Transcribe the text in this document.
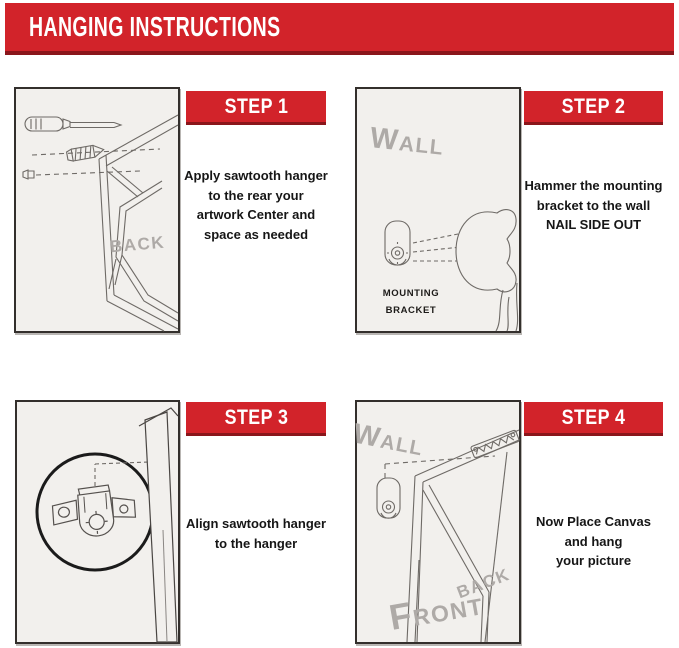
HANGING INSTRUCTIONS
BACK
WALL
MOUNTING
BRACKET
WALL
FRONT
BACK
STEP 1	STEP 2
STEP 3	STEP 4
Apply sawtooth hanger
to the rear your
artwork Center and
space as needed
Hammer the mounting
bracket to the wall
NAIL SIDE OUT
Align sawtooth hanger
to the hanger
Now Place Canvas
and hang
your picture
